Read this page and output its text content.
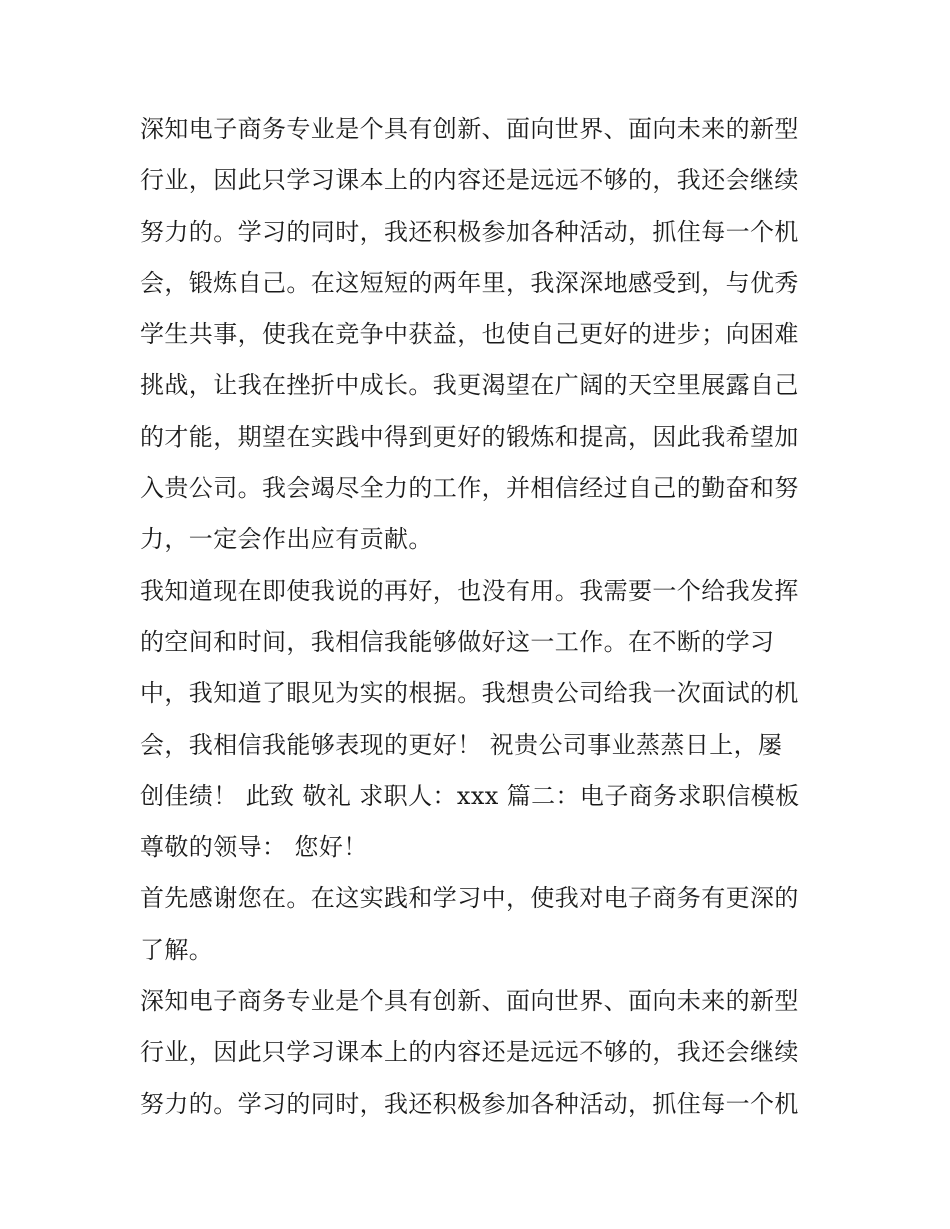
深知电子商务专业是个具有创新、面向世界、面向未来的新型
行业，因此只学习课本上的内容还是远远不够的，我还会继续
努力的。学习的同时，我还积极参加各种活动，抓住每一个机
会，锻炼自己。在这短短的两年里，我深深地感受到，与优秀
学生共事，使我在竞争中获益，也使自己更好的进步；向困难
挑战，让我在挫折中成长。我更渴望在广阔的天空里展露自己
的才能，期望在实践中得到更好的锻炼和提高，因此我希望加
入贵公司。我会竭尽全力的工作，并相信经过自己的勤奋和努
力，一定会作出应有贡献。
我知道现在即使我说的再好，也没有用。我需要一个给我发挥
的空间和时间，我相信我能够做好这一工作。在不断的学习
中，我知道了眼见为实的根据。我想贵公司给我一次面试的机
会，我相信我能够表现的更好！ 祝贵公司事业蒸蒸日上，屡
创佳绩！ 此致 敬礼 求职人：xxx 篇二：电子商务求职信模板
尊敬的领导： 您好！
首先感谢您在。在这实践和学习中，使我对电子商务有更深的
了解。
深知电子商务专业是个具有创新、面向世界、面向未来的新型
行业，因此只学习课本上的内容还是远远不够的，我还会继续
努力的。学习的同时，我还积极参加各种活动，抓住每一个机
